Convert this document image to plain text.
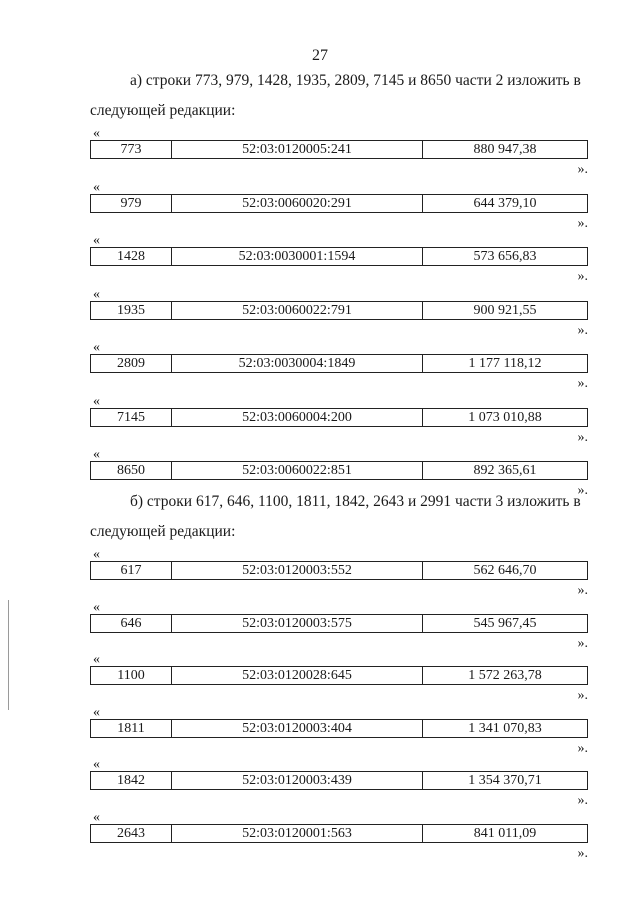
27
а) строки 773, 979, 1428, 1935, 2809, 7145 и 8650 части 2 изложить в
следующей редакции:
б) строки 617, 646, 1100, 1811, 1842, 2643 и 2991 части 3 изложить в
следующей редакции:
«
773	52:03:0120005:241	880 947,38
».
«
979	52:03:0060020:291	644 379,10
».
«
1428	52:03:0030001:1594	573 656,83
».
«
1935	52:03:0060022:791	900 921,55
».
«
2809	52:03:0030004:1849	1 177 118,12
».
«
7145	52:03:0060004:200	1 073 010,88
».
«
8650	52:03:0060022:851	892 365,61
».
«
617	52:03:0120003:552	562 646,70
».
«
646	52:03:0120003:575	545 967,45
».
«
1100	52:03:0120028:645	1 572 263,78
».
«
1811	52:03:0120003:404	1 341 070,83
».
«
1842	52:03:0120003:439	1 354 370,71
».
«
2643	52:03:0120001:563	841 011,09
».
